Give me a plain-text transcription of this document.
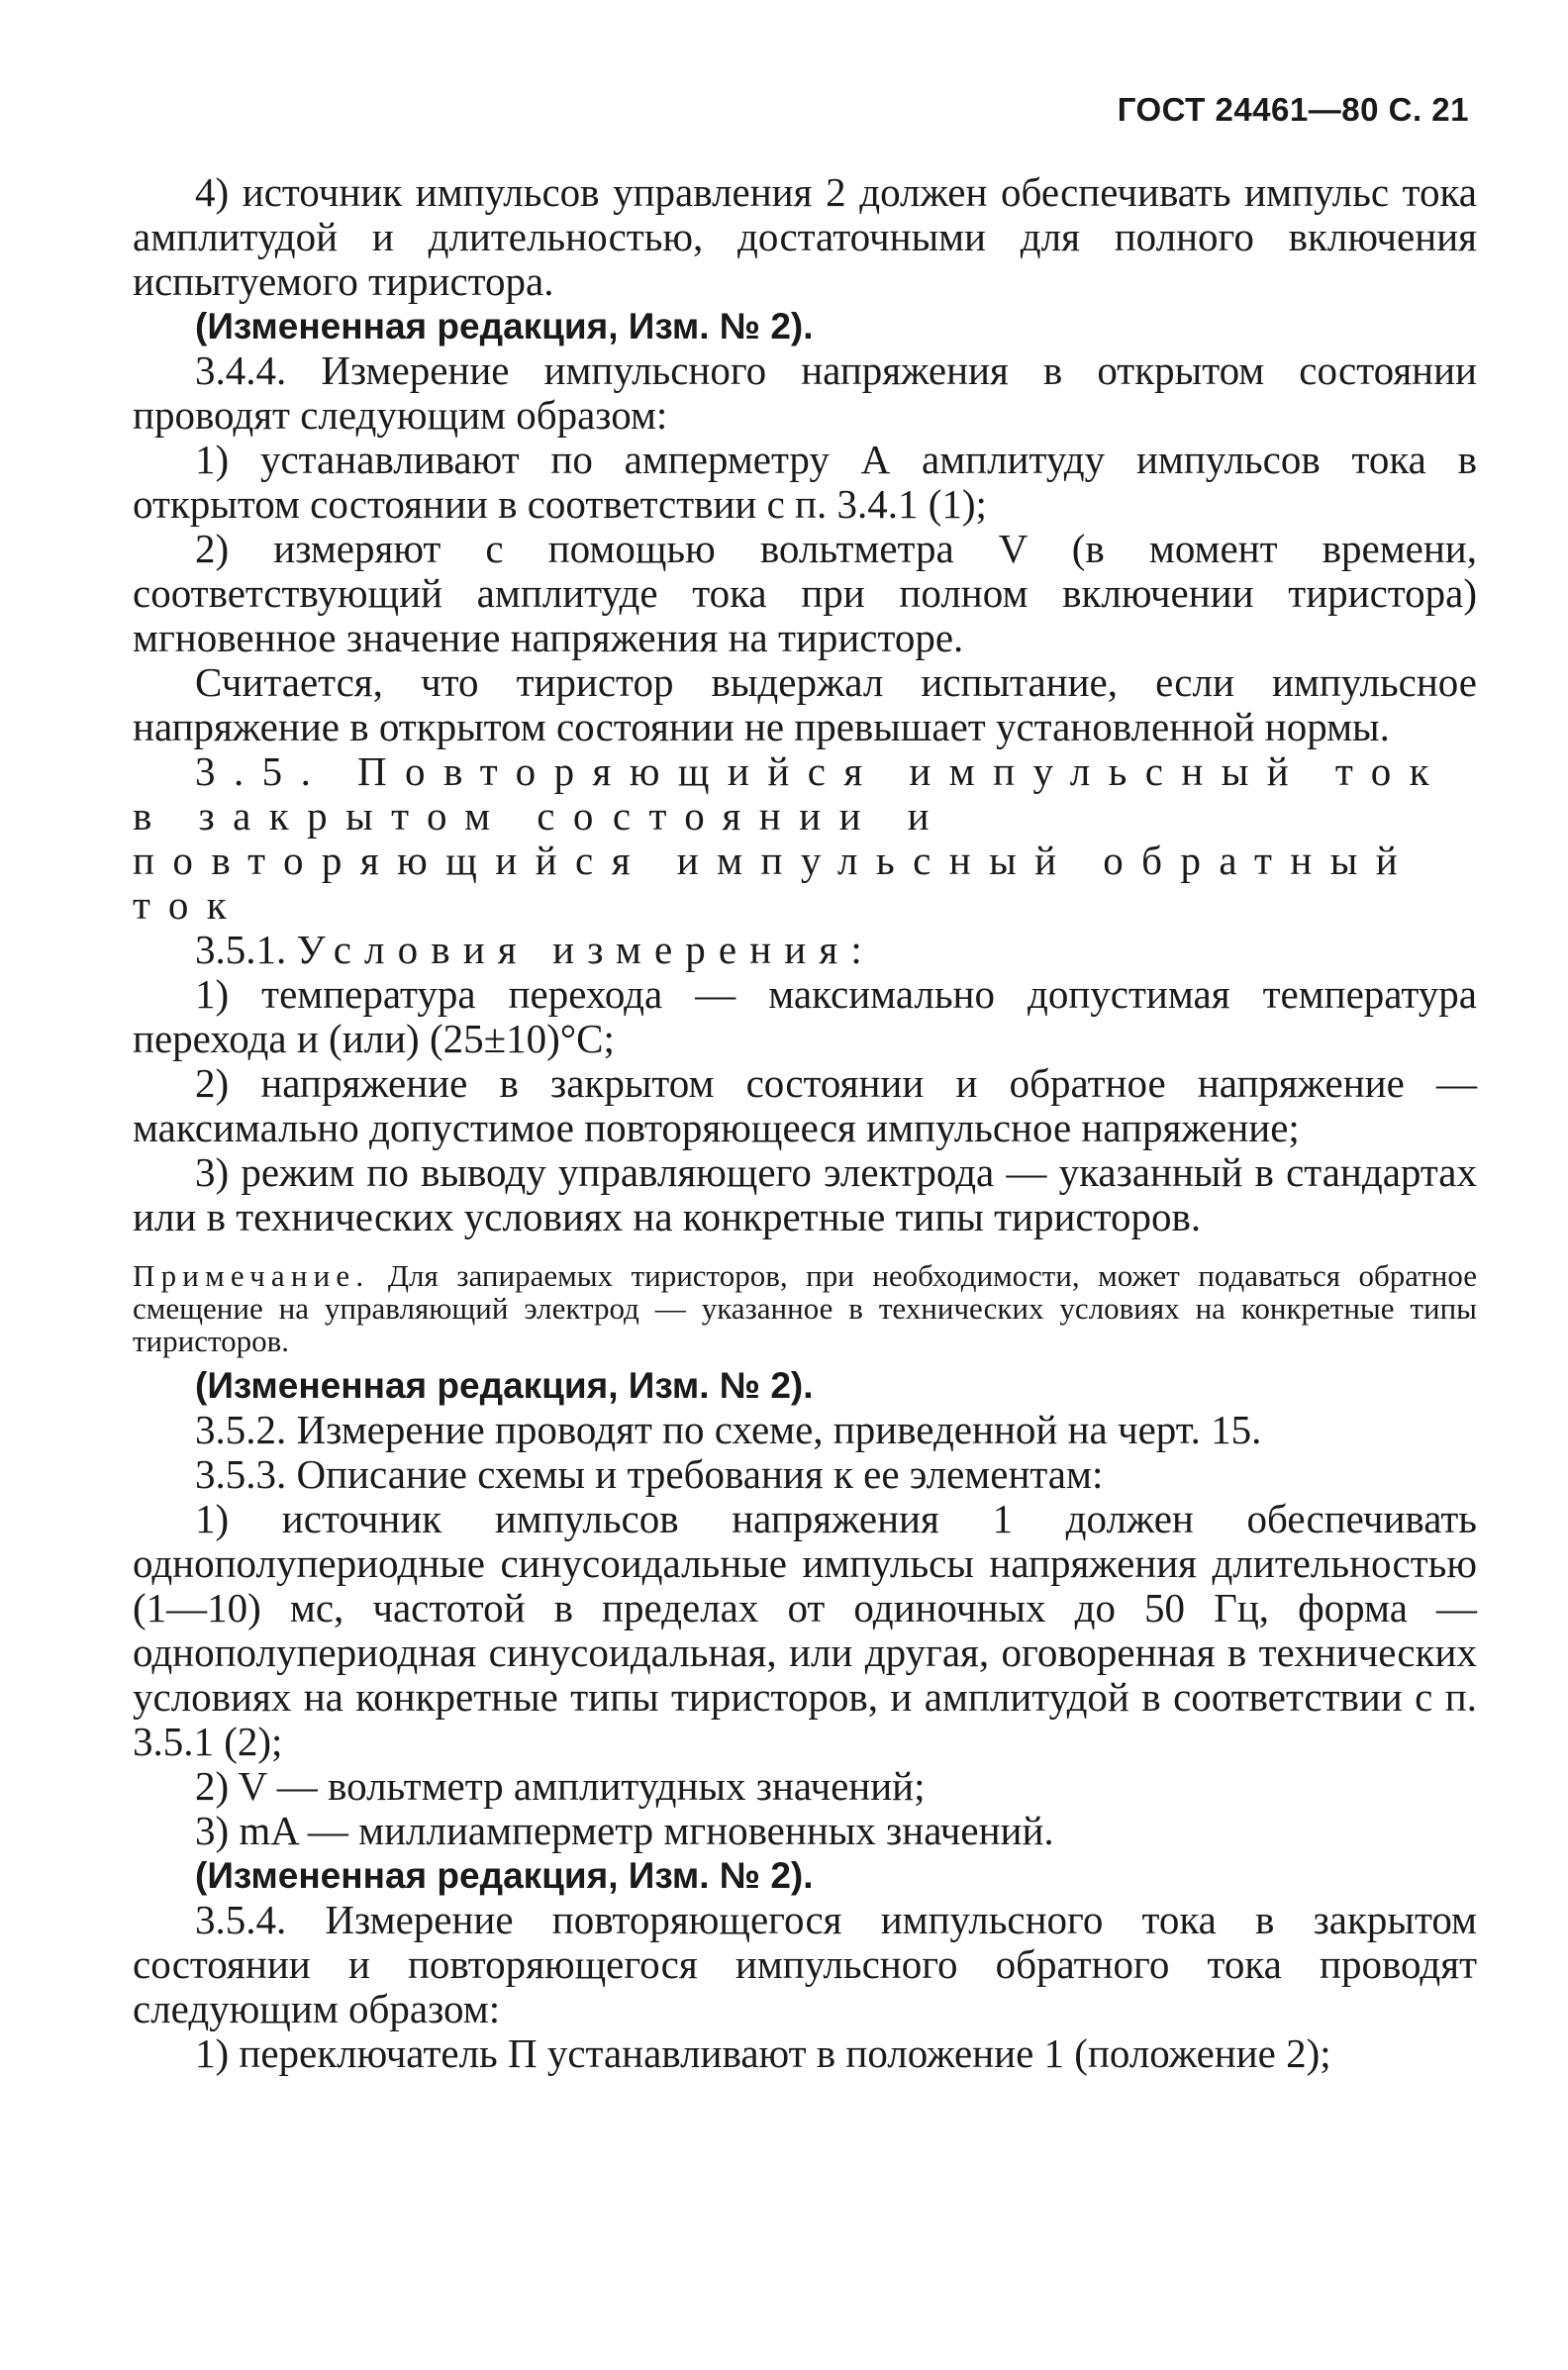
ГОСТ 24461—80 С. 21

4) источник импульсов управления 2 должен обеспечивать импульс тока амплитудой и длительностью, достаточными для полного включения испытуемого тиристора.

(Измененная редакция, Изм. № 2).

3.4.4. Измерение импульсного напряжения в открытом состоянии проводят следующим образом:

1) устанавливают по амперметру А амплитуду импульсов тока в открытом состоянии в соответствии с п. 3.4.1 (1);

2) измеряют с помощью вольтметра V (в момент времени, соответствующий амплитуде тока при полном включении тиристора) мгновенное значение напряжения на тиристоре.

Считается, что тиристор выдержал испытание, если импульсное напряжение в открытом состоянии не превышает установленной нормы.

3.5. Повторяющийся импульсный ток в закрытом состоянии и повторяющийся импульсный обратный ток

3.5.1. Условия измерения:

1) температура перехода — максимально допустимая температура перехода и (или) (25±10)°С;

2) напряжение в закрытом состоянии и обратное напряжение — максимально допустимое повторяющееся импульсное напряжение;

3) режим по выводу управляющего электрода — указанный в стандартах или в технических условиях на конкретные типы тиристоров.

Примечание. Для запираемых тиристоров, при необходимости, может подаваться обратное смещение на управляющий электрод — указанное в технических условиях на конкретные типы тиристоров.

(Измененная редакция, Изм. № 2).

3.5.2. Измерение проводят по схеме, приведенной на черт. 15.

3.5.3. Описание схемы и требования к ее элементам:

1) источник импульсов напряжения 1 должен обеспечивать однополупериодные синусоидальные импульсы напряжения длительностью (1—10) мс, частотой в пределах от одиночных до 50 Гц, форма — однополупериодная синусоидальная, или другая, оговоренная в технических условиях на конкретные типы тиристоров, и амплитудой в соответствии с п. 3.5.1 (2);

2) V — вольтметр амплитудных значений;

3) mA — миллиамперметр мгновенных значений.

(Измененная редакция, Изм. № 2).

3.5.4. Измерение повторяющегося импульсного тока в закрытом состоянии и повторяющегося импульсного обратного тока проводят следующим образом:

1) переключатель П устанавливают в положение 1 (положение 2);
